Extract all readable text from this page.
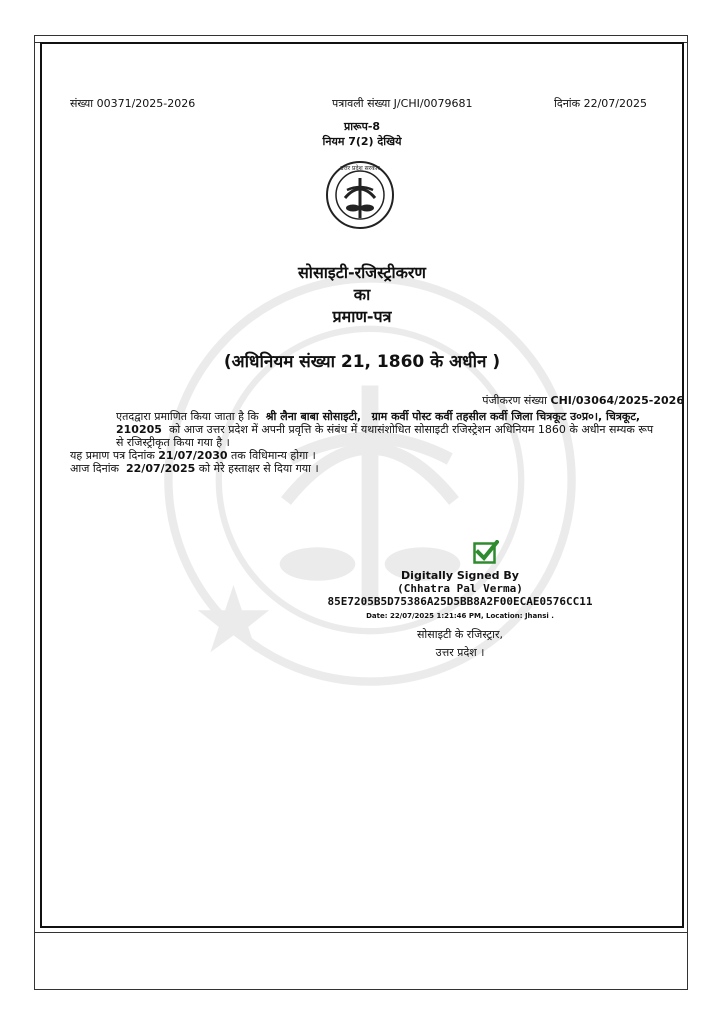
संख्या 00371/2025-2026	पत्रावली संख्या J/CHI/0079681	दिनांक 22/07/2025
प्रारूप-8
नियम 7(2) देखिये
उत्तर प्रदेश सरकार
सोसाइटी-रजिस्ट्रीकरण
का
प्रमाण-पत्र
(अधिनियम संख्या 21, 1860 के अधीन )
पंजीकरण संख्या CHI/03064/2025-2026

एतदद्वारा प्रमाणित किया जाता है कि श्री लैना बाबा सोसाइटी, ग्राम कर्वी पोस्ट कर्वी तहसील कर्वी जिला चित्रकूट उ०प्र०।, चित्रकूट, 210205 को आज उत्तर प्रदेश में अपनी प्रवृत्ति के संबंध में यथासंशोधित सोसाइटी रजिस्ट्रेशन अधिनियम 1860 के अधीन सम्यक रूप से रजिस्ट्रीकृत किया गया है ।

यह प्रमाण पत्र दिनांक 21/07/2030 तक विधिमान्य होगा ।

आज दिनांक 22/07/2025 को मेरे हस्ताक्षर से दिया गया ।

Digitally Signed By
(Chhatra Pal Verma)
85E7205B5D75386A25D5BB8A2F00ECAE0576CC11
Date: 22/07/2025 1:21:46 PM, Location: Jhansi .
सोसाइटी के रजिस्ट्रार,
उत्तर प्रदेश ।
